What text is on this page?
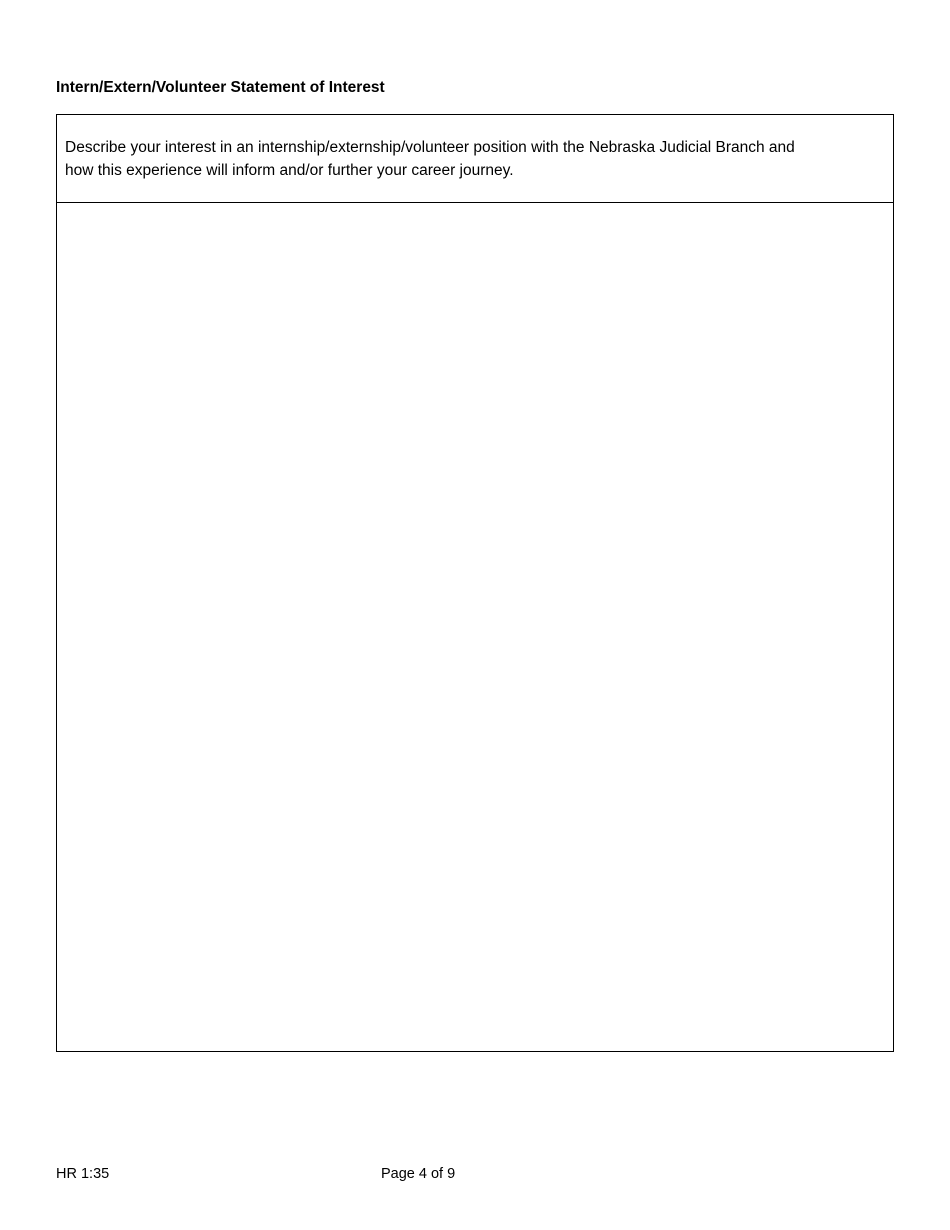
Intern/Extern/Volunteer Statement of Interest
Describe your interest in an internship/externship/volunteer position with the Nebraska Judicial Branch and
how this experience will inform and/or further your career journey.
HR 1:35	Page 4 of 9
